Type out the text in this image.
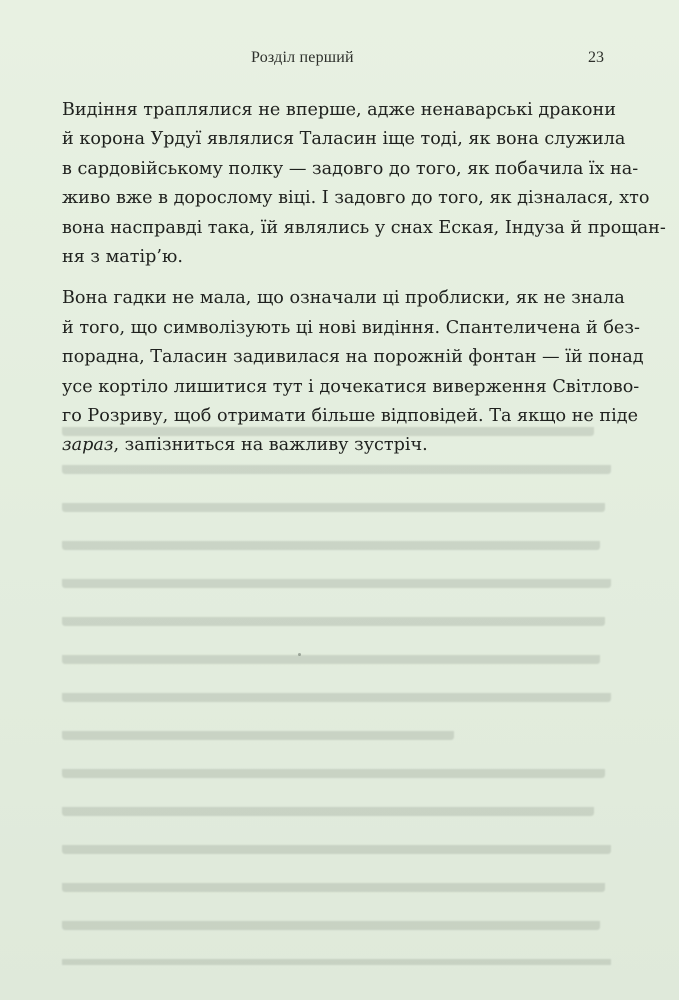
Розділ перший	23

Видіння траплялися не вперше, адже ненаварські дракони
й корона Урдуї являлися Таласин іще тоді, як вона служила
в сардовійському полку — задовго до того, як побачила їх на-
живо вже в дорослому віці. І задовго до того, як дізналася, хто
вона насправді така, їй являлись у снах Еская, Індуза й прощан-
ня з матір’ю.

Вона гадки не мала, що означали ці проблиски, як не знала
й того, що символізують ці нові видіння. Спантеличена й без-
порадна, Таласин задивилася на порожній фонтан — їй понад
усе кортіло лишитися тут і дочекатися виверження Світлово-
го Розриву, щоб отримати більше відповідей. Та якщо не піде
зараз, запізниться на важливу зустріч.
